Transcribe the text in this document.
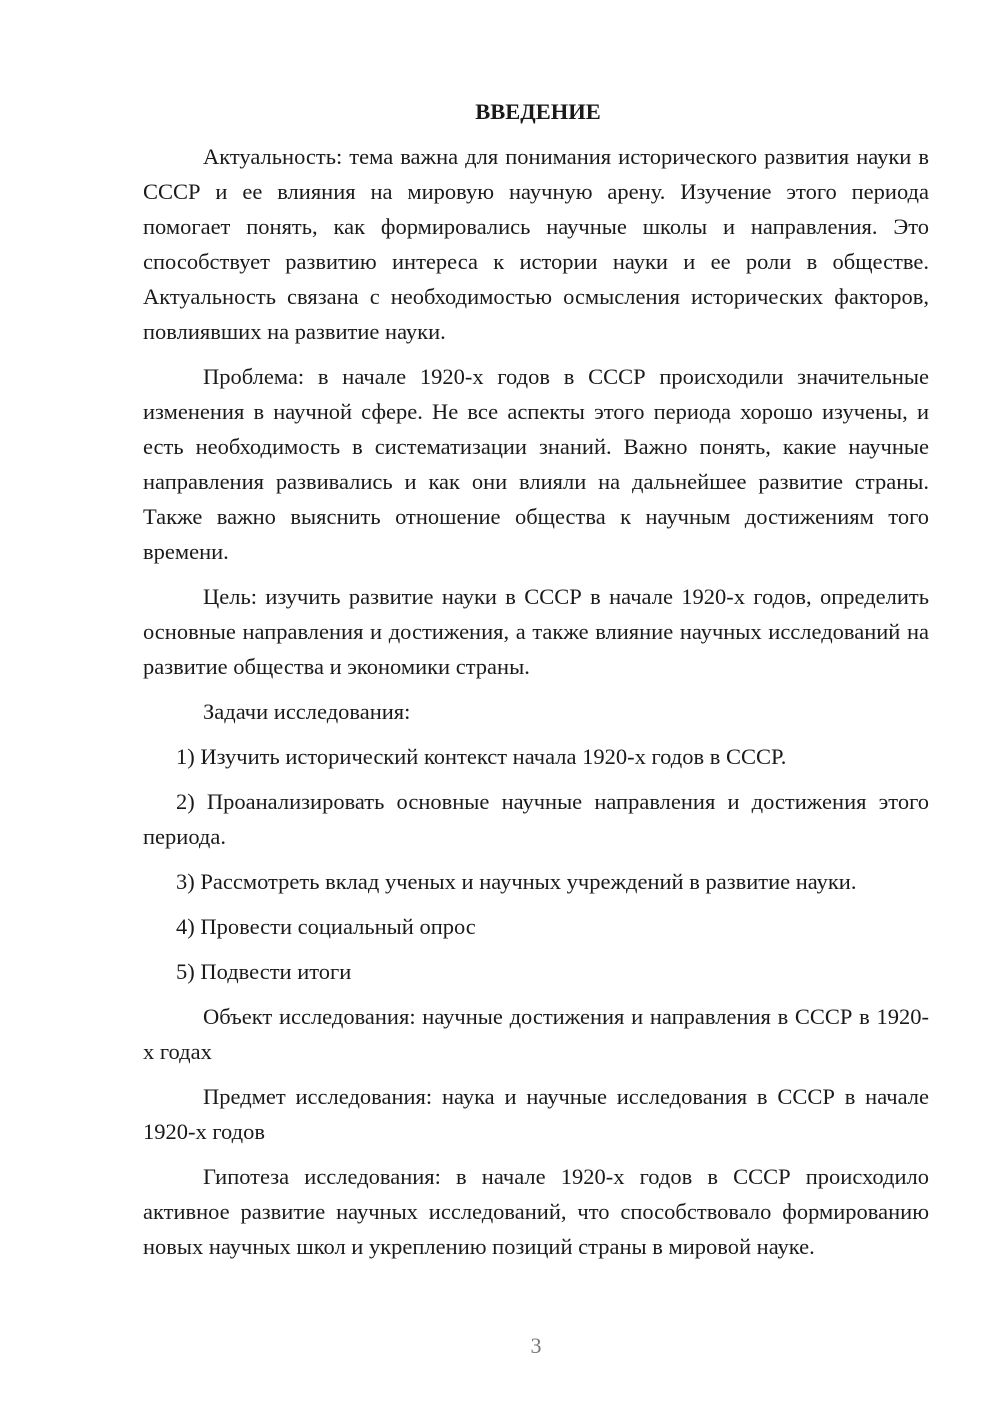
ВВЕДЕНИЕ

Актуальность: тема важна для понимания исторического развития науки в СССР и ее влияния на мировую научную арену. Изучение этого периода помогает понять, как формировались научные школы и направления. Это способствует развитию интереса к истории науки и ее роли в обществе. Актуальность связана с необходимостью осмысления исторических факторов, повлиявших на развитие науки.

Проблема: в начале 1920-х годов в СССР происходили значительные изменения в научной сфере. Не все аспекты этого периода хорошо изучены, и есть необходимость в систематизации знаний. Важно понять, какие научные направления развивались и как они влияли на дальнейшее развитие страны. Также важно выяснить отношение общества к научным достижениям того времени.

Цель: изучить развитие науки в СССР в начале 1920-х годов, определить основные направления и достижения, а также влияние научных исследований на развитие общества и экономики страны.

Задачи исследования:

1) Изучить исторический контекст начала 1920-х годов в СССР.

2) Проанализировать основные научные направления и достижения этого периода.

3) Рассмотреть вклад ученых и научных учреждений в развитие науки.

4) Провести социальный опрос

5) Подвести итоги

Объект исследования: научные достижения и направления в СССР в 1920-х годах

Предмет исследования: наука и научные исследования в СССР в начале 1920-х годов

Гипотеза исследования: в начале 1920-х годов в СССР происходило активное развитие научных исследований, что способствовало формированию новых научных школ и укреплению позиций страны в мировой науке.

3
